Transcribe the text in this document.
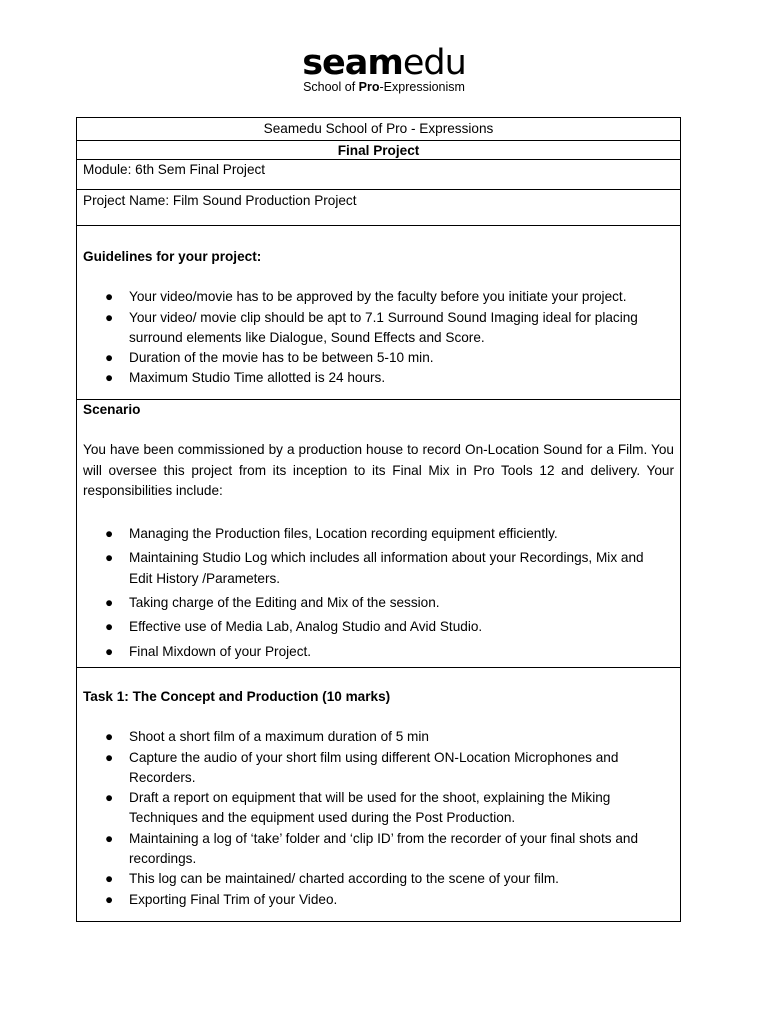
seamedu
School of Pro-Expressionism
Seamedu School of Pro - Expressions
Final Project
Module: 6th Sem Final Project
Project Name: Film Sound Production Project
Guidelines for your project:
● Your video/movie has to be approved by the faculty before you initiate your project.
● Your video/ movie clip should be apt to 7.1 Surround Sound Imaging ideal for placing surround elements like Dialogue, Sound Effects and Score.
● Duration of the movie has to be between 5-10 min.
● Maximum Studio Time allotted is 24 hours.
Scenario
You have been commissioned by a production house to record On-Location Sound for a Film. You will oversee this project from its inception to its Final Mix in Pro Tools 12 and delivery. Your responsibilities include:
● Managing the Production files, Location recording equipment efficiently.
● Maintaining Studio Log which includes all information about your Recordings, Mix and Edit History /Parameters.
● Taking charge of the Editing and Mix of the session.
● Effective use of Media Lab, Analog Studio and Avid Studio.
● Final Mixdown of your Project.
Task 1: The Concept and Production (10 marks)
● Shoot a short film of a maximum duration of 5 min
● Capture the audio of your short film using different ON-Location Microphones and Recorders.
● Draft a report on equipment that will be used for the shoot, explaining the Miking Techniques and the equipment used during the Post Production.
● Maintaining a log of ‘take’ folder and ‘clip ID’ from the recorder of your final shots and recordings.
● This log can be maintained/ charted according to the scene of your film.
● Exporting Final Trim of your Video.
